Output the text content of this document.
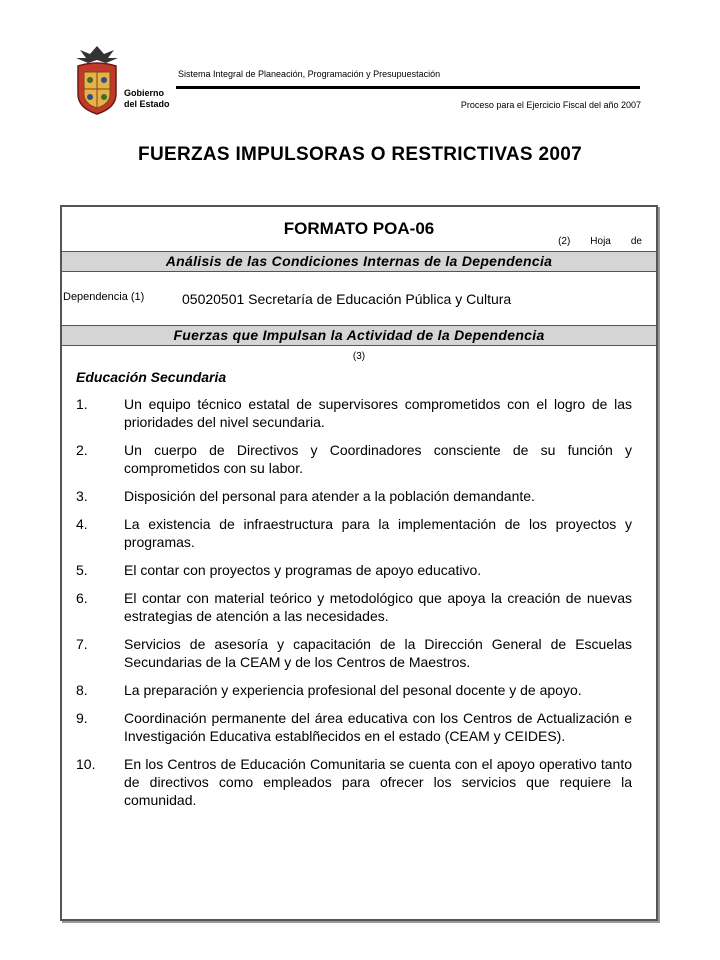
Gobierno
del Estado
Sistema Integral de Planeación, Programación y Presupuestación
Proceso para el Ejercicio Fiscal del año 2007
FUERZAS IMPULSORAS O RESTRICTIVAS 2007
FORMATO POA-06
(2) Hoja de
Análisis de las Condiciones Internas de la Dependencia
Dependencia (1)	05020501 Secretaría de Educación Pública y Cultura
Fuerzas que Impulsan la Actividad de la Dependencia
(3)
Educación Secundaria
1.	Un equipo técnico estatal de supervisores comprometidos con el logro de las prioridades del nivel secundaria.
2.	Un cuerpo de Directivos y Coordinadores consciente de su función y comprometidos con su labor.
3.	Disposición del personal para atender a la población demandante.
4.	La existencia de infraestructura para la implementación de los proyectos y programas.
5.	El contar con proyectos y programas de apoyo educativo.
6.	El contar con material teórico y metodológico que apoya la creación de nuevas estrategias de atención a las necesidades.
7.	Servicios de asesoría y capacitación de la Dirección General de Escuelas Secundarias de la CEAM y de los Centros de Maestros.
8.	La preparación y experiencia profesional del pesonal docente y de apoyo.
9.	Coordinación permanente del área educativa con los Centros de Actualización e Investigación Educativa establñecidos en el estado (CEAM y CEIDES).
10.	En los Centros de Educación Comunitaria se cuenta con el apoyo operativo tanto de directivos como empleados para ofrecer los servicios que requiere la comunidad.
